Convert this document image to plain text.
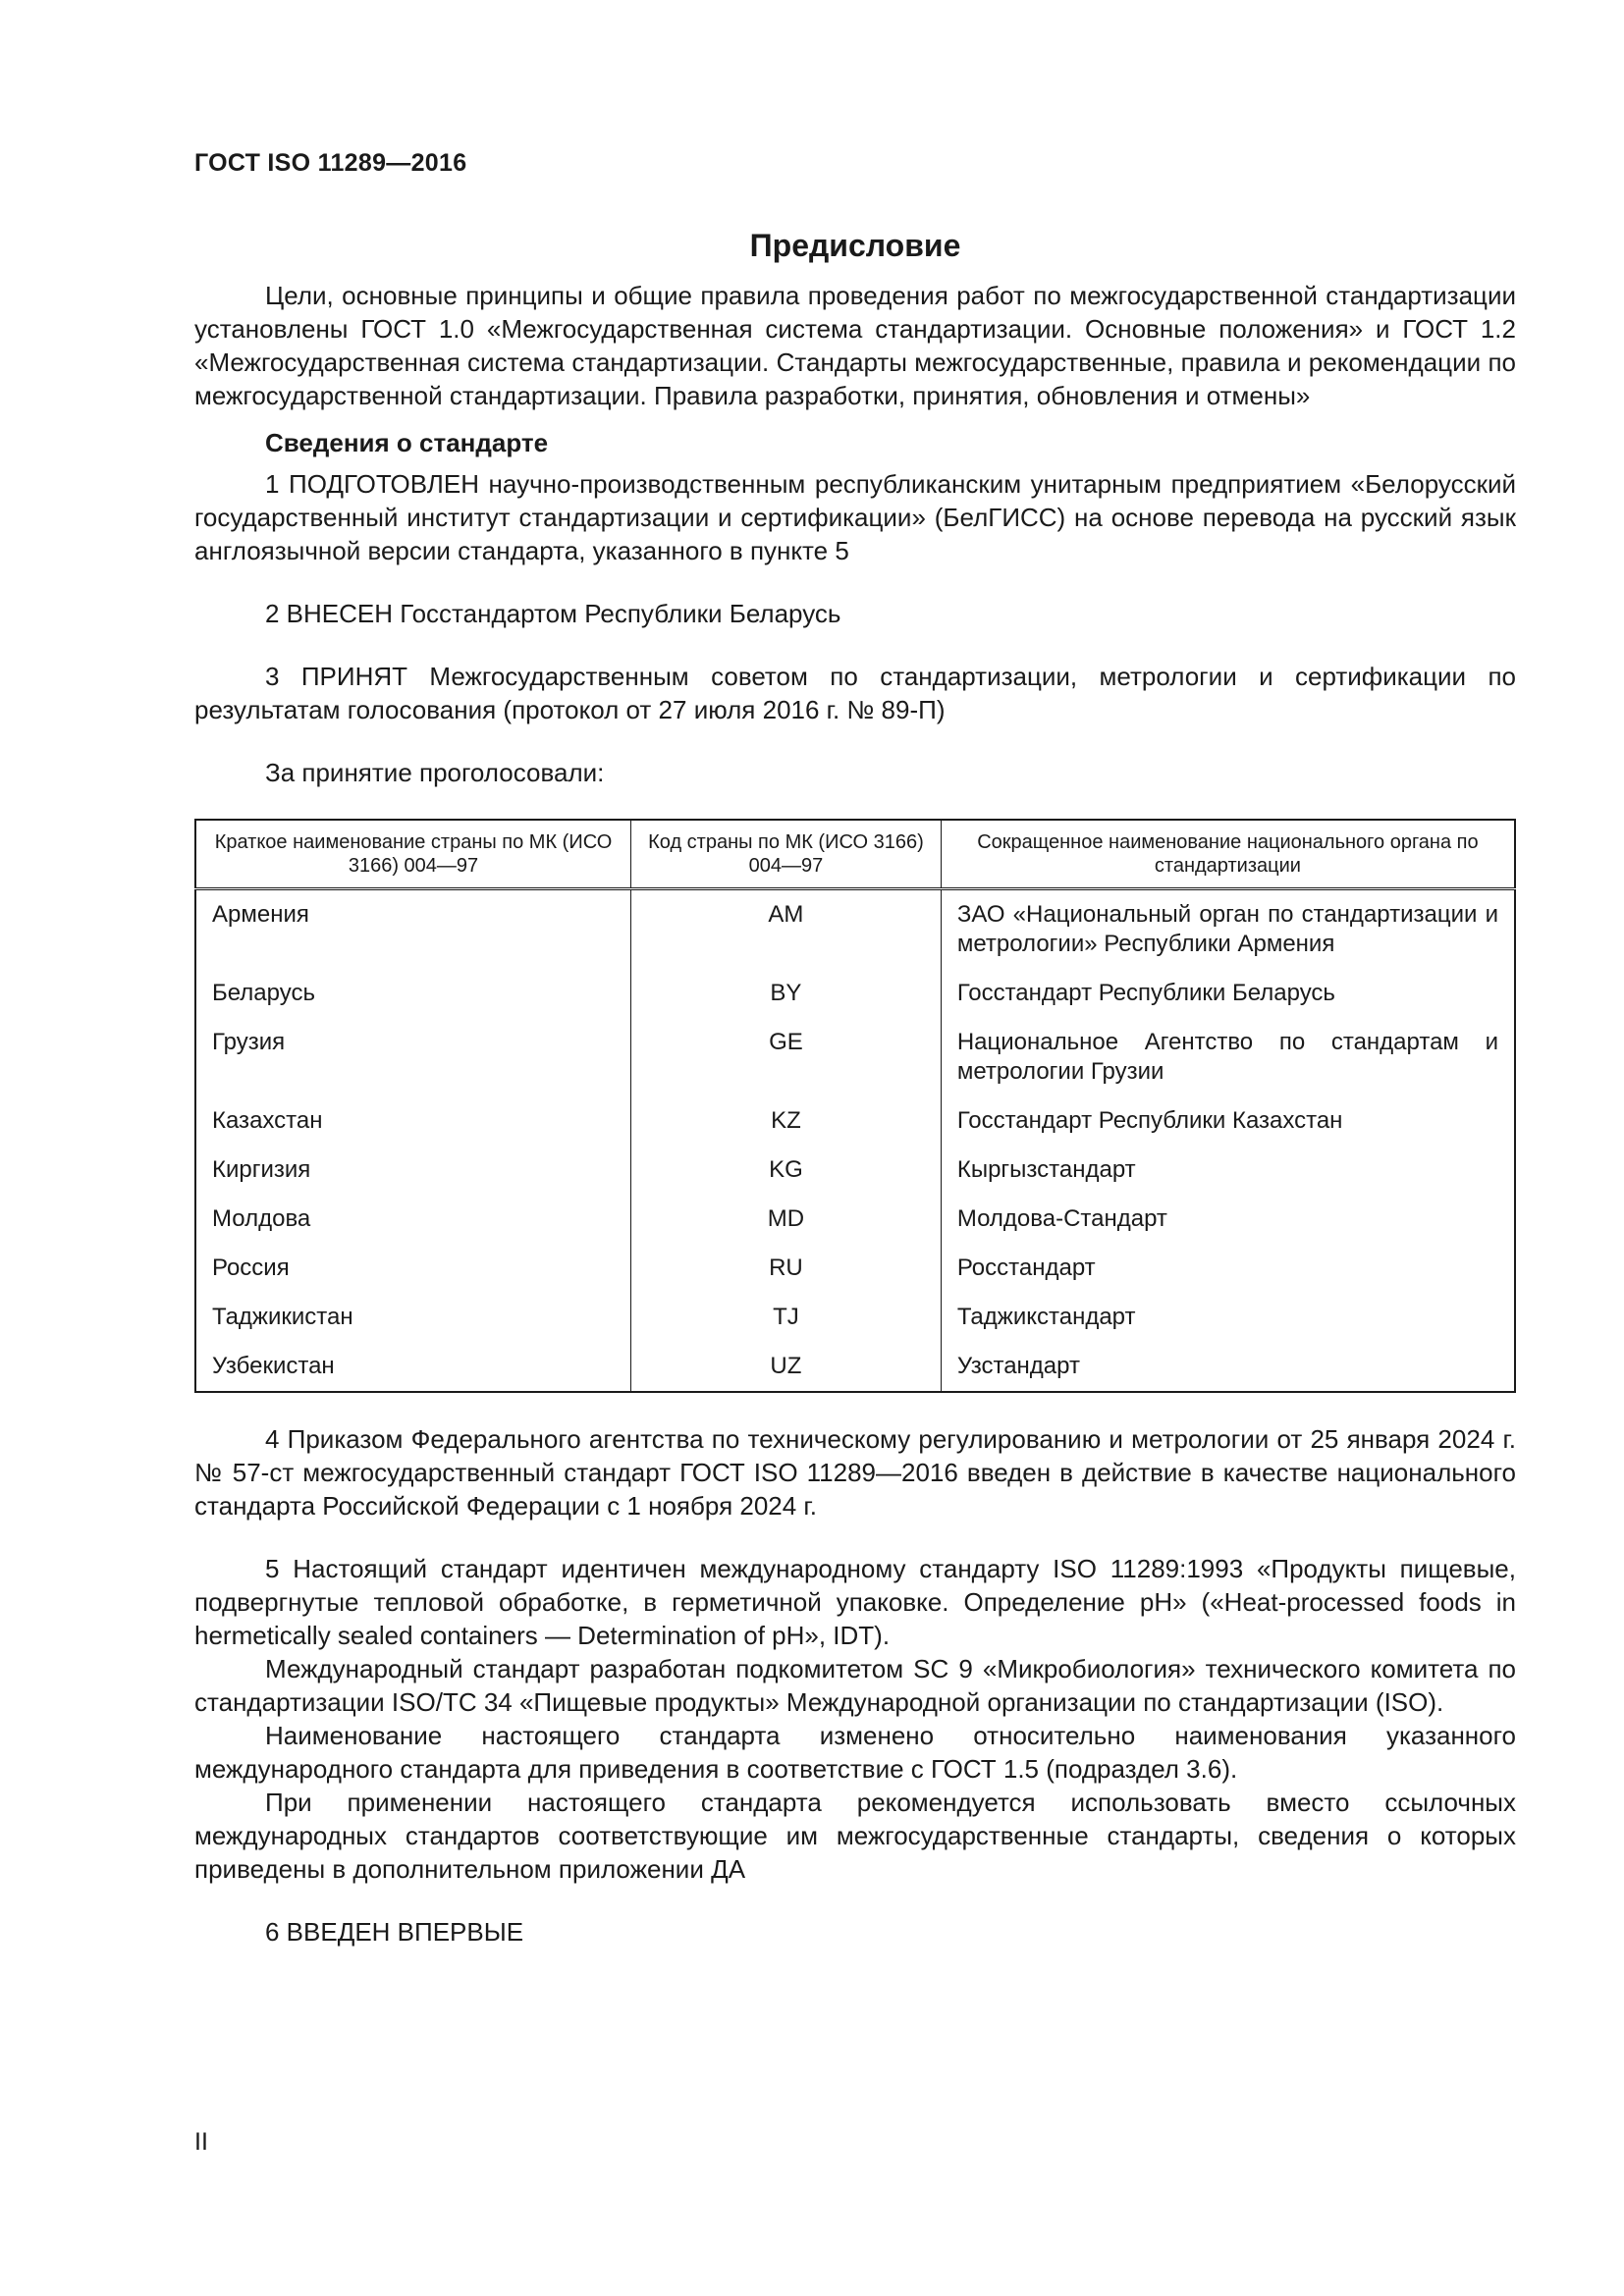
ГОСТ ISO 11289—2016
Предисловие

Цели, основные принципы и общие правила проведения работ по межгосударственной стандартизации установлены ГОСТ 1.0 «Межгосударственная система стандартизации. Основные положения» и ГОСТ 1.2 «Межгосударственная система стандартизации. Стандарты межгосударственные, правила и рекомендации по межгосударственной стандартизации. Правила разработки, принятия, обновления и отмены»

Сведения о стандарте

1 ПОДГОТОВЛЕН научно-производственным республиканским унитарным предприятием «Белорусский государственный институт стандартизации и сертификации» (БелГИСС) на основе перевода на русский язык англоязычной версии стандарта, указанного в пункте 5

2 ВНЕСЕН Госстандартом Республики Беларусь

3 ПРИНЯТ Межгосударственным советом по стандартизации, метрологии и сертификации по результатам голосования (протокол от 27 июля 2016 г. № 89-П)

За принятие проголосовали:

Краткое наименование страны по МК (ИСО 3166) 004—97	Код страны по МК (ИСО 3166) 004—97	Сокращенное наименование национального органа по стандартизации
Армения	AM	ЗАО «Национальный орган по стандартизации и метрологии» Республики Армения
Беларусь	BY	Госстандарт Республики Беларусь
Грузия	GE	Национальное Агентство по стандартам и метрологии Грузии
Казахстан	KZ	Госстандарт Республики Казахстан
Киргизия	KG	Кыргызстандарт
Молдова	MD	Молдова-Стандарт
Россия	RU	Росстандарт
Таджикистан	TJ	Таджикстандарт
Узбекистан	UZ	Узстандарт

4 Приказом Федерального агентства по техническому регулированию и метрологии от 25 января 2024 г. № 57-ст межгосударственный стандарт ГОСТ ISO 11289—2016 введен в действие в качестве национального стандарта Российской Федерации с 1 ноября 2024 г.

5 Настоящий стандарт идентичен международному стандарту ISO 11289:1993 «Продукты пищевые, подвергнутые тепловой обработке, в герметичной упаковке. Определение pH» («Heat-processed foods in hermetically sealed containers — Determination of pH», IDT).

Международный стандарт разработан подкомитетом SC 9 «Микробиология» технического комитета по стандартизации ISO/TC 34 «Пищевые продукты» Международной организации по стандартизации (ISO).

Наименование настоящего стандарта изменено относительно наименования указанного международного стандарта для приведения в соответствие с ГОСТ 1.5 (подраздел 3.6).

При применении настоящего стандарта рекомендуется использовать вместо ссылочных международных стандартов соответствующие им межгосударственные стандарты, сведения о которых приведены в дополнительном приложении ДА

6 ВВЕДЕН ВПЕРВЫЕ

II
